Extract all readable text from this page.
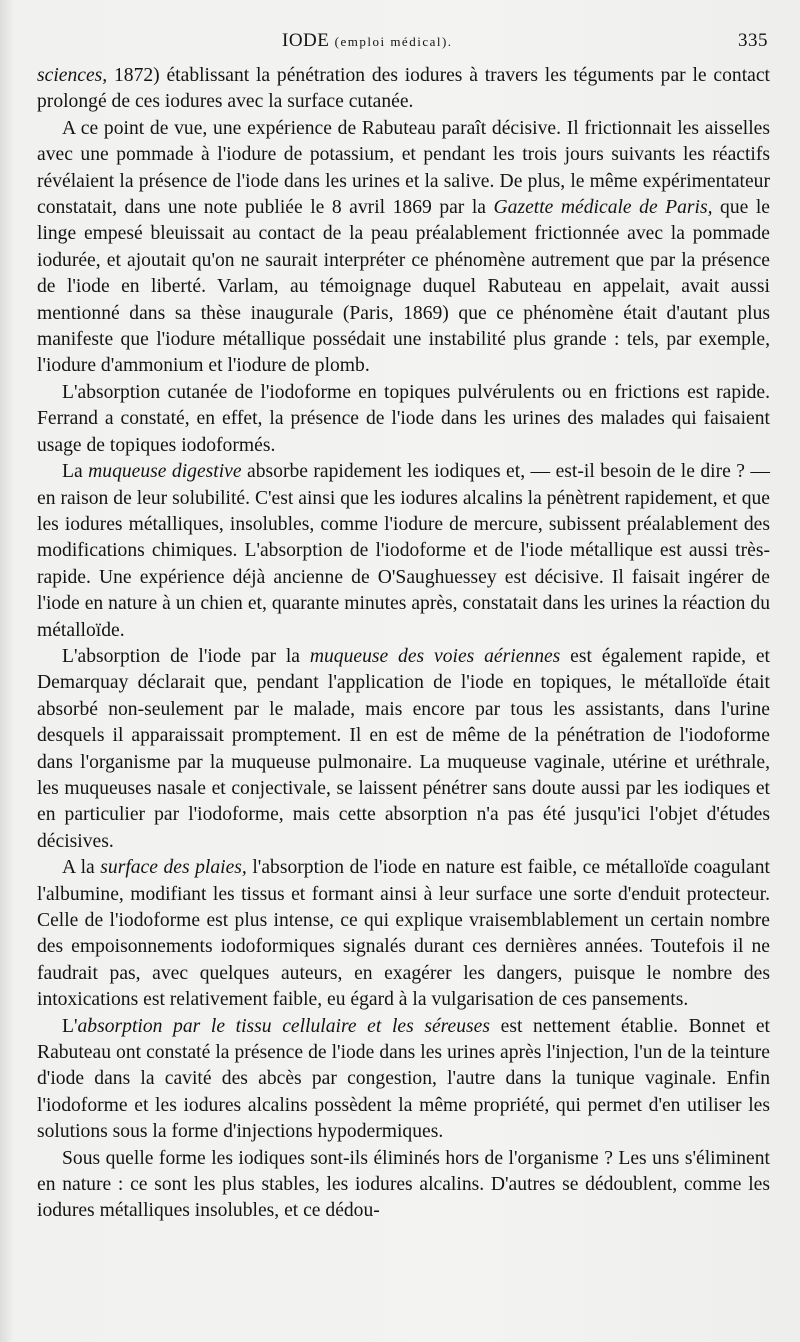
IODE (emploi médical).	335

sciences, 1872) établissant la pénétration des iodures à travers les téguments par le contact prolongé de ces iodures avec la surface cutanée.

A ce point de vue, une expérience de Rabuteau paraît décisive. Il frictionnait les aisselles avec une pommade à l'iodure de potassium, et pendant les trois jours suivants les réactifs révélaient la présence de l'iode dans les urines et la salive. De plus, le même expérimentateur constatait, dans une note publiée le 8 avril 1869 par la Gazette médicale de Paris, que le linge empesé bleuissait au contact de la peau préalablement frictionnée avec la pommade iodurée, et ajoutait qu'on ne saurait interpréter ce phénomène autrement que par la présence de l'iode en liberté. Varlam, au témoignage duquel Rabuteau en appelait, avait aussi mentionné dans sa thèse inaugurale (Paris, 1869) que ce phénomène était d'autant plus manifeste que l'iodure métallique possédait une instabilité plus grande : tels, par exemple, l'iodure d'ammonium et l'iodure de plomb.

L'absorption cutanée de l'iodoforme en topiques pulvérulents ou en frictions est rapide. Ferrand a constaté, en effet, la présence de l'iode dans les urines des malades qui faisaient usage de topiques iodoformés.

La muqueuse digestive absorbe rapidement les iodiques et, — est-il besoin de le dire ? — en raison de leur solubilité. C'est ainsi que les iodures alcalins la pénètrent rapidement, et que les iodures métalliques, insolubles, comme l'iodure de mercure, subissent préalablement des modifications chimiques. L'absorption de l'iodoforme et de l'iode métallique est aussi très-rapide. Une expérience déjà ancienne de O'Saughuessey est décisive. Il faisait ingérer de l'iode en nature à un chien et, quarante minutes après, constatait dans les urines la réaction du métalloïde.

L'absorption de l'iode par la muqueuse des voies aériennes est également rapide, et Demarquay déclarait que, pendant l'application de l'iode en topiques, le métalloïde était absorbé non-seulement par le malade, mais encore par tous les assistants, dans l'urine desquels il apparaissait promptement. Il en est de même de la pénétration de l'iodoforme dans l'organisme par la muqueuse pulmonaire. La muqueuse vaginale, utérine et uréthrale, les muqueuses nasale et conjectivale, se laissent pénétrer sans doute aussi par les iodiques et en particulier par l'iodoforme, mais cette absorption n'a pas été jusqu'ici l'objet d'études décisives.

A la surface des plaies, l'absorption de l'iode en nature est faible, ce métalloïde coagulant l'albumine, modifiant les tissus et formant ainsi à leur surface une sorte d'enduit protecteur. Celle de l'iodoforme est plus intense, ce qui explique vraisemblablement un certain nombre des empoisonnements iodoformiques signalés durant ces dernières années. Toutefois il ne faudrait pas, avec quelques auteurs, en exagérer les dangers, puisque le nombre des intoxications est relativement faible, eu égard à la vulgarisation de ces pansements.

L'absorption par le tissu cellulaire et les séreuses est nettement établie. Bonnet et Rabuteau ont constaté la présence de l'iode dans les urines après l'injection, l'un de la teinture d'iode dans la cavité des abcès par congestion, l'autre dans la tunique vaginale. Enfin l'iodoforme et les iodures alcalins possèdent la même propriété, qui permet d'en utiliser les solutions sous la forme d'injections hypodermiques.

Sous quelle forme les iodiques sont-ils éliminés hors de l'organisme ? Les uns s'éliminent en nature : ce sont les plus stables, les iodures alcalins. D'autres se dédoublent, comme les iodures métalliques insolubles, et ce dédou-
